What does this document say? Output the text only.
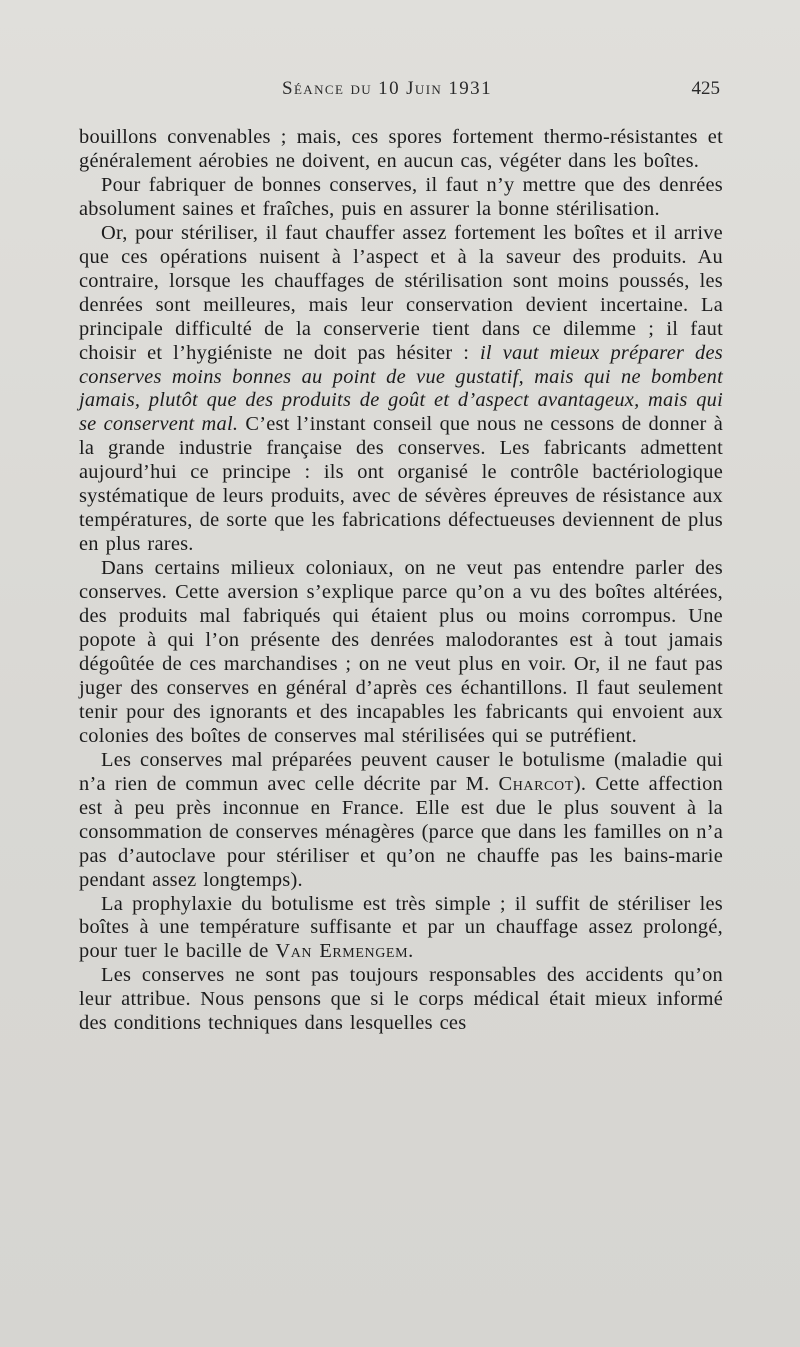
Séance du 10 Juin 1931	425

bouillons convenables ; mais, ces spores fortement thermo-résistantes et généralement aérobies ne doivent, en aucun cas, végéter dans les boîtes.

Pour fabriquer de bonnes conserves, il faut n’y mettre que des denrées absolument saines et fraîches, puis en assurer la bonne stérilisation.

Or, pour stériliser, il faut chauffer assez fortement les boîtes et il arrive que ces opérations nuisent à l’aspect et à la saveur des produits. Au contraire, lorsque les chauffages de stérilisation sont moins poussés, les denrées sont meilleures, mais leur conservation devient incertaine. La principale difficulté de la conserverie tient dans ce dilemme ; il faut choisir et l’hygiéniste ne doit pas hésiter : il vaut mieux préparer des conserves moins bonnes au point de vue gustatif, mais qui ne bombent jamais, plutôt que des produits de goût et d’aspect avantageux, mais qui se conservent mal. C’est l’instant conseil que nous ne cessons de donner à la grande industrie française des conserves. Les fabricants admettent aujourd’hui ce principe : ils ont organisé le contrôle bactériologique systématique de leurs produits, avec de sévères épreuves de résistance aux températures, de sorte que les fabrications défectueuses deviennent de plus en plus rares.

Dans certains milieux coloniaux, on ne veut pas entendre parler des conserves. Cette aversion s’explique parce qu’on a vu des boîtes altérées, des produits mal fabriqués qui étaient plus ou moins corrompus. Une popote à qui l’on présente des denrées malodorantes est à tout jamais dégoûtée de ces marchandises ; on ne veut plus en voir. Or, il ne faut pas juger des conserves en général d’après ces échantillons. Il faut seulement tenir pour des ignorants et des incapables les fabricants qui envoient aux colonies des boîtes de conserves mal stérilisées qui se putréfient.

Les conserves mal préparées peuvent causer le botulisme (maladie qui n’a rien de commun avec celle décrite par M. Charcot). Cette affection est à peu près inconnue en France. Elle est due le plus souvent à la consommation de conserves ménagères (parce que dans les familles on n’a pas d’autoclave pour stériliser et qu’on ne chauffe pas les bains-marie pendant assez longtemps).

La prophylaxie du botulisme est très simple ; il suffit de stériliser les boîtes à une température suffisante et par un chauffage assez prolongé, pour tuer le bacille de Van Ermengem.

Les conserves ne sont pas toujours responsables des accidents qu’on leur attribue. Nous pensons que si le corps médical était mieux informé des conditions techniques dans lesquelles ces
